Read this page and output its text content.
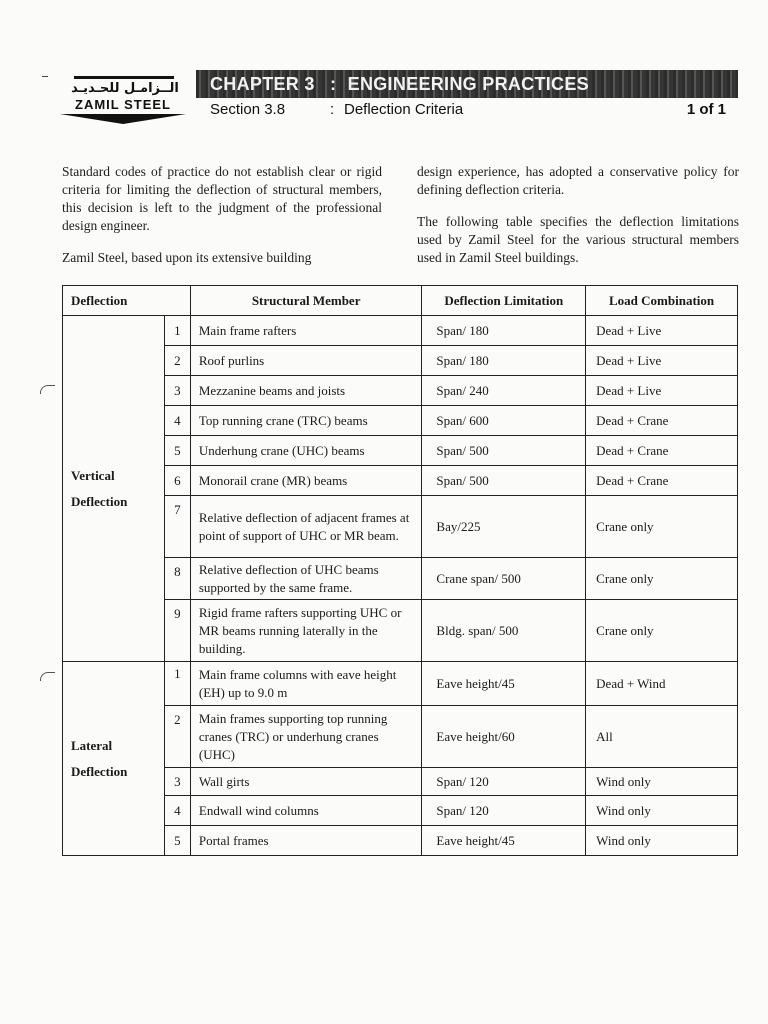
الــزامـل للحـديـد
ZAMIL STEEL
CHAPTER 3 : ENGINEERING PRACTICES
Section 3.8	: Deflection Criteria	1 of 1

Standard codes of practice do not establish clear or rigid criteria for limiting the deflection of structural members, this decision is left to the judgment of the professional design engineer.

Zamil Steel, based upon its extensive building

design experience, has adopted a conservative policy for defining deflection criteria.

The following table specifies the deflection limitations used by Zamil Steel for the various structural members used in Zamil Steel buildings.

Deflection		Structural Member	Deflection Limitation	Load Combination

Vertical
Deflection	1	Main frame rafters	Span/ 180	Dead + Live
	2	Roof purlins	Span/ 180	Dead + Live
	3	Mezzanine beams and joists	Span/ 240	Dead + Live
	4	Top running crane (TRC) beams	Span/ 600	Dead + Crane
	5	Underhung crane (UHC) beams	Span/ 500	Dead + Crane
	6	Monorail crane (MR) beams	Span/ 500	Dead + Crane
	7	Relative deflection of adjacent frames at point of support of UHC or MR beam.	Bay/225	Crane only
	8	Relative deflection of UHC beams supported by the same frame.	Crane span/ 500	Crane only
	9	Rigid frame rafters supporting UHC or MR beams running laterally in the building.	Bldg. span/ 500	Crane only

Lateral
Deflection	1	Main frame columns with eave height (EH) up to 9.0 m	Eave height/45	Dead + Wind
	2	Main frames supporting top running cranes (TRC) or underhung cranes (UHC)	Eave height/60	All
	3	Wall girts	Span/ 120	Wind only
	4	Endwall wind columns	Span/ 120	Wind only
	5	Portal frames	Eave height/45	Wind only
